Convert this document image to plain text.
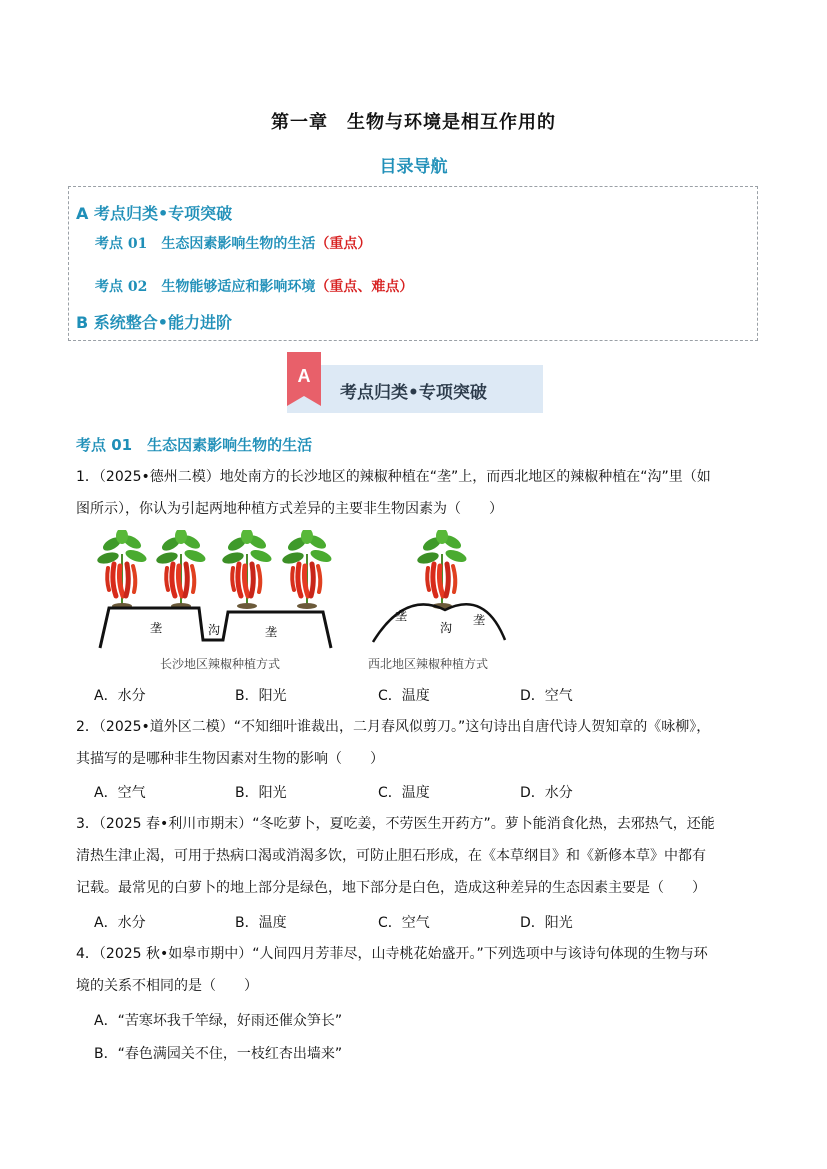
第一章　生物与环境是相互作用的
目录导航
A 考点归类•专项突破
考点 01　生态因素影响生物的生活（重点）
考点 02　生物能够适应和影响环境（重点、难点）
B 系统整合•能力进阶
A
考点归类•专项突破
考点 01　生态因素影响生物的生活
1．（2025•德州二模）地处南方的长沙地区的辣椒种植在“垄”上，而西北地区的辣椒种植在“沟”里（如
图所示），你认为引起两地种植方式差异的主要非生物因素为（　　）
垄	沟	垄
垄
沟
垄
长沙地区辣椒种植方式	西北地区辣椒种植方式
A．水分	B．阳光	C．温度	D．空气
2．（2025•道外区二模）“不知细叶谁裁出，二月春风似剪刀。”这句诗出自唐代诗人贺知章的《咏柳》，
其描写的是哪种非生物因素对生物的影响（　　）
A．空气	B．阳光	C．温度	D．水分
3．（2025 春•利川市期末）“冬吃萝卜，夏吃姜，不劳医生开药方”。萝卜能消食化热，去邪热气，还能
清热生津止渴，可用于热病口渴或消渴多饮，可防止胆石形成，在《本草纲目》和《新修本草》中都有
记载。最常见的白萝卜的地上部分是绿色，地下部分是白色，造成这种差异的生态因素主要是（　　）
A．水分	B．温度	C．空气	D．阳光
4．（2025 秋•如皋市期中）“人间四月芳菲尽，山寺桃花始盛开。”下列选项中与该诗句体现的生物与环
境的关系不相同的是（　　）
A．“苦寒坏我千竿绿，好雨还催众笋长”
B．“春色满园关不住，一枝红杏出墙来”
